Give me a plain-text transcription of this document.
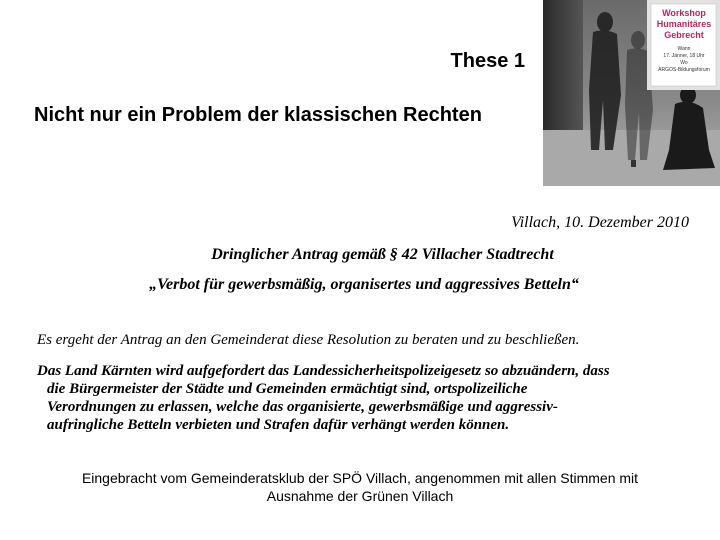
These 1
Nicht nur ein Problem der klassischen Rechten
Workshop
Humanitäres
Gebrecht
Wann
17. Jänner, 18 Uhr
Wo
ARGOS-Bildungsforum
Villach, 10. Dezember 2010
Dringlicher Antrag gemäß § 42 Villacher Stadtrecht
„Verbot für gewerbsmäßig, organisertes und aggressives Betteln“
Es ergeht der Antrag an den Gemeinderat diese Resolution zu beraten und zu beschließen.
Das Land Kärnten wird aufgefordert das Landessicherheitspolizeigesetz so abzuändern, dass
die Bürgermeister der Städte und Gemeinden ermächtigt sind, ortspolizeiliche
Verordnungen zu erlassen, welche das organisierte, gewerbsmäßige und aggressiv-
aufringliche Betteln verbieten und Strafen dafür verhängt werden können.
Eingebracht vom Gemeinderatsklub der SPÖ Villach, angenommen mit allen Stimmen mit
Ausnahme der Grünen Villach
